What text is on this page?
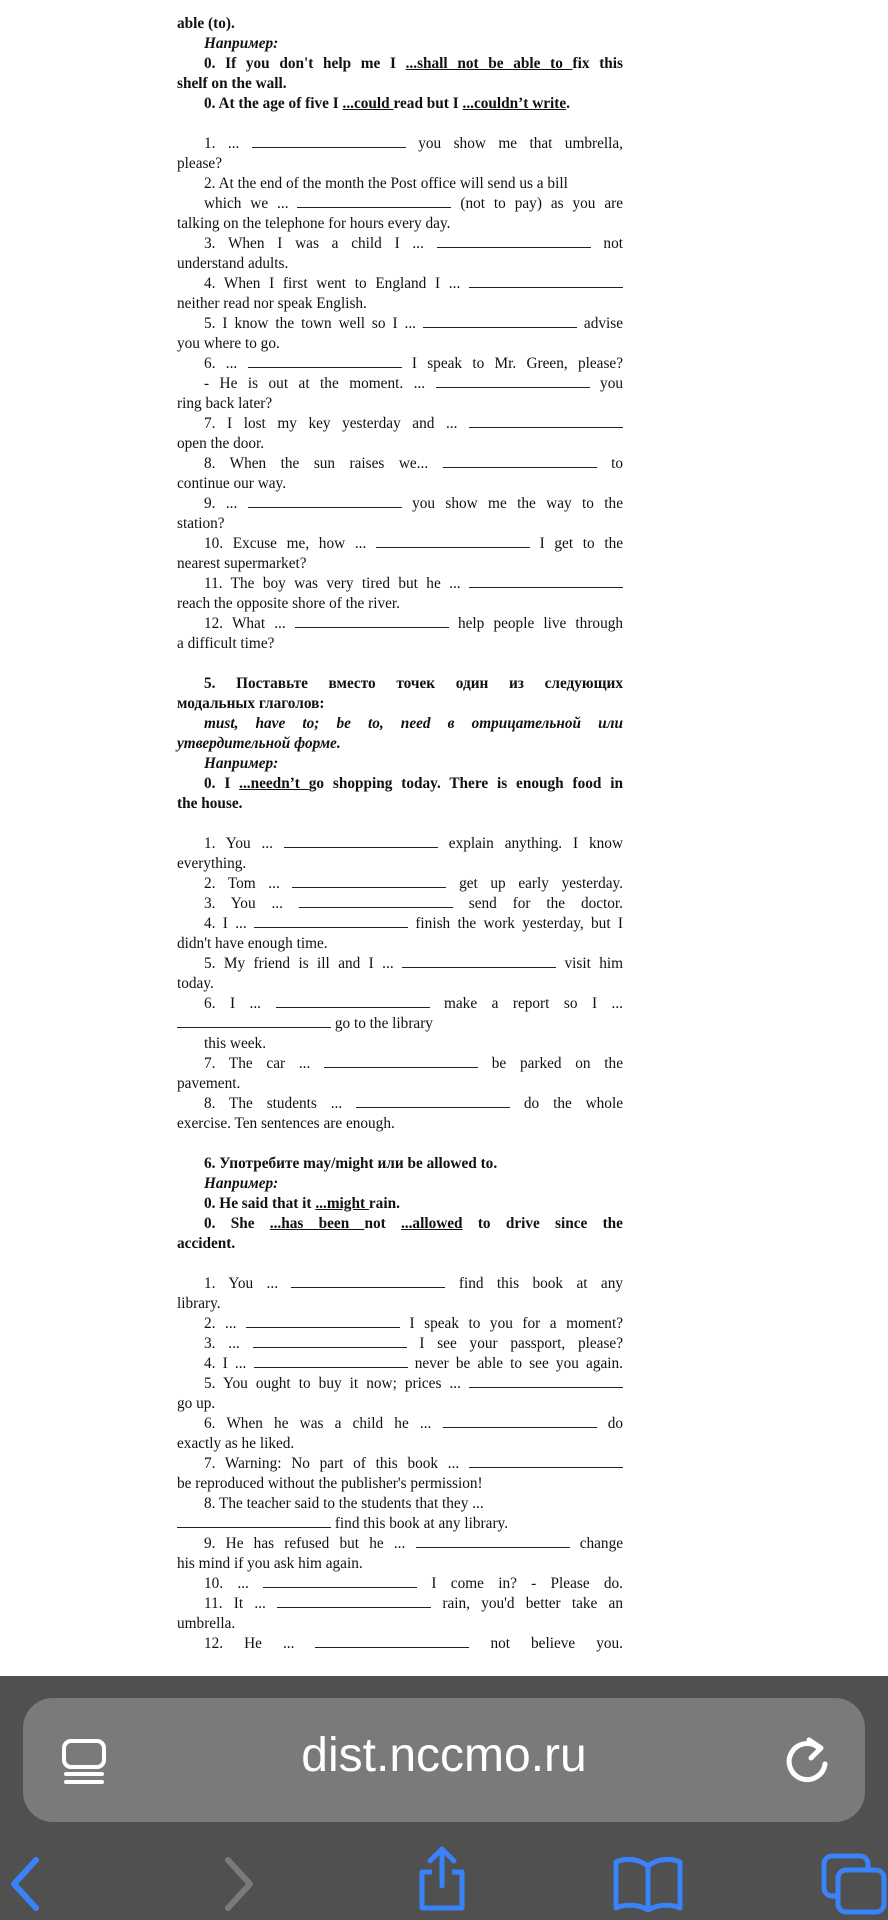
able (to).
Например:
0. If you don't help me I ...shall not be able to fix this
shelf on the wall.
0. At the age of five I ...could read but I ...couldn’t write.
1. ...	you show me that umbrella,
please?
2. At the end of the month the Post office will send us a bill
which we ...	(not to pay) as you are
talking on the telephone for hours every day.
3. When I was a child I ...	not
understand adults.
4. When I first went to England I ...
neither read nor speak English.
5. I know the town well so I ...	advise
you where to go.
6. ...	I speak to Mr. Green, please?
- He is out at the moment. ...	you
ring back later?
7. I lost my key yesterday and ...
open the door.
8. When the sun raises we...	to
continue our way.
9. ...	you show me the way to the
station?
10. Excuse me, how ...	I get to the
nearest supermarket?
11. The boy was very tired but he ...
reach the opposite shore of the river.
12. What ...	help people live through
a difficult time?
5. Поставьте вместо точек один из следующих
модальных глаголов:
must, have to; be to, need в отрицательной или
утвердительной форме.
Например:
0. I ...needn’t go shopping today. There is enough food in
the house.
1. You ...	explain anything. I know
everything.
2. Tom ...	get up early yesterday.
3. You ...	send for the doctor.
4. I ...	finish the work yesterday, but I
didn't have enough time.
5. My friend is ill and I ...	visit him
today.
6. I ...	make a report so I ...
go to the library
this week.
7. The car ...	be parked on the
pavement.
8. The students ...	do the whole
exercise. Ten sentences are enough.
6. Употребите may/might или be allowed to.
Например:
0. He said that it ...might rain.
0. She ...has been not ...allowed to drive since the
accident.
1. You ...	find this book at any
library.
2. ...	I speak to you for a moment?
3. ...	I see your passport, please?
4. I ...	never be able to see you again.
5. You ought to buy it now; prices ...
go up.
6. When he was a child he ...	do
exactly as he liked.
7. Warning: No part of this book ...
be reproduced without the publisher's permission!
8. The teacher said to the students that they ...
find this book at any library.
9. He has refused but he ...	change
his mind if you ask him again.
10. ...	I come in? - Please do.
11. It ...	rain, you'd better take an
umbrella.
12. He ...	not believe you.
dist.nccmo.ru
